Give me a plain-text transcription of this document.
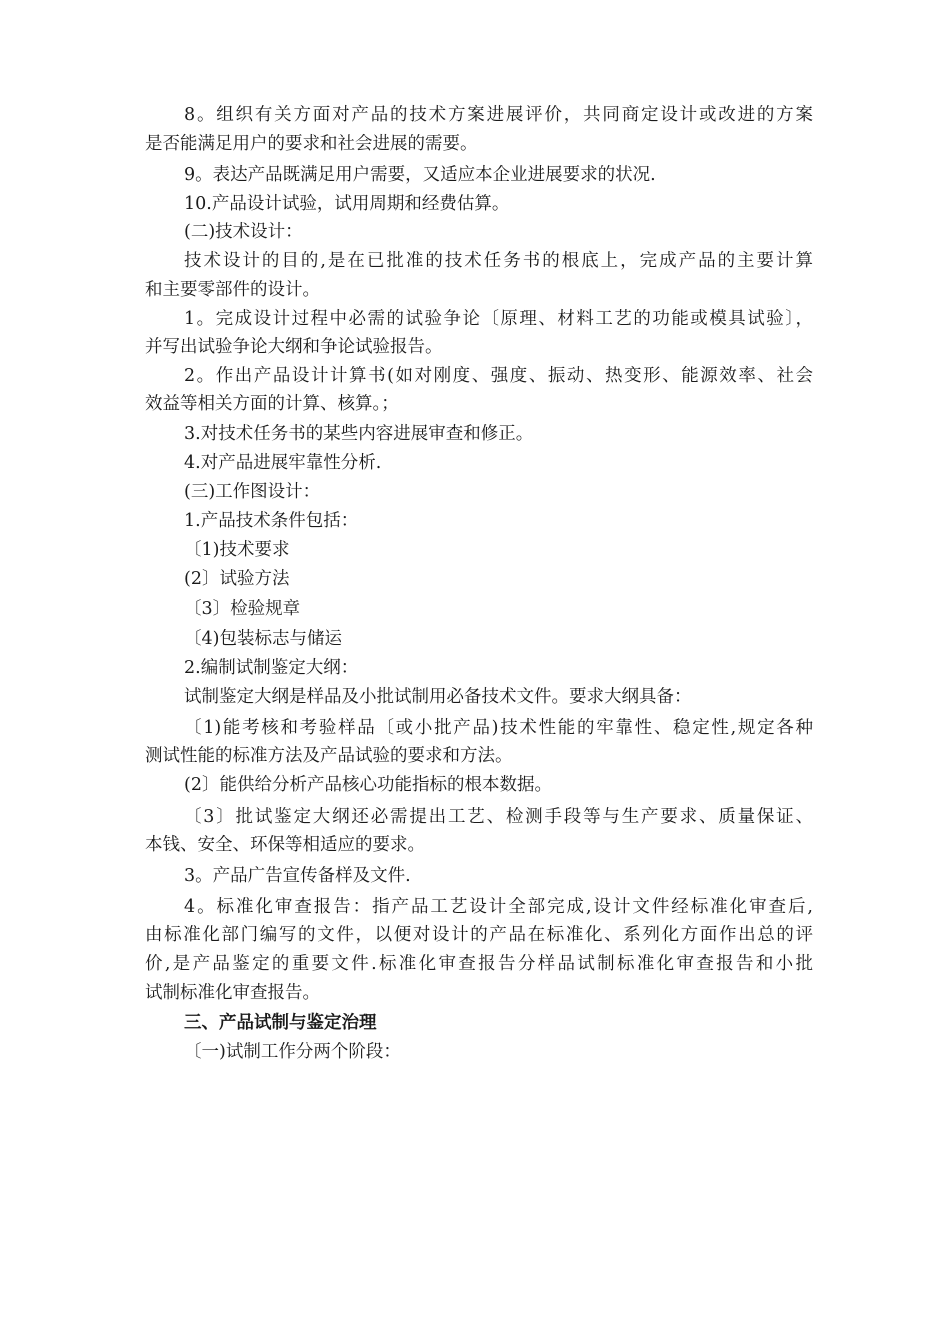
8。组织有关方面对产品的技术方案进展评价，共同商定设计或改进的方案
是否能满足用户的要求和社会进展的需要。
9。表达产品既满足用户需要，又适应本企业进展要求的状况.
10.产品设计试验，试用周期和经费估算。
(二)技术设计：
技术设计的目的,是在已批准的技术任务书的根底上，完成产品的主要计算
和主要零部件的设计。
1。完成设计过程中必需的试验争论〔原理、材料工艺的功能或模具试验〕，
并写出试验争论大纲和争论试验报告。
2。作出产品设计计算书(如对刚度、强度、振动、热变形、能源效率、社会
效益等相关方面的计算、核算。；
3.对技术任务书的某些内容进展审查和修正。
4.对产品进展牢靠性分析.
(三)工作图设计：
1.产品技术条件包括：
〔1)技术要求
(2〕试验方法
〔3〕检验规章
〔4)包装标志与储运
2.编制试制鉴定大纲：
试制鉴定大纲是样品及小批试制用必备技术文件。要求大纲具备：
〔1)能考核和考验样品〔或小批产品)技术性能的牢靠性、稳定性,规定各种
测试性能的标准方法及产品试验的要求和方法。
(2〕能供给分析产品核心功能指标的根本数据。
〔3〕批试鉴定大纲还必需提出工艺、检测手段等与生产要求、质量保证、
本钱、安全、环保等相适应的要求。
3。产品广告宣传备样及文件.
4。标准化审查报告：指产品工艺设计全部完成,设计文件经标准化审查后,
由标准化部门编写的文件，以便对设计的产品在标准化、系列化方面作出总的评
价,是产品鉴定的重要文件.标准化审查报告分样品试制标准化审查报告和小批
试制标准化审查报告。
三、产品试制与鉴定治理
〔一)试制工作分两个阶段：
